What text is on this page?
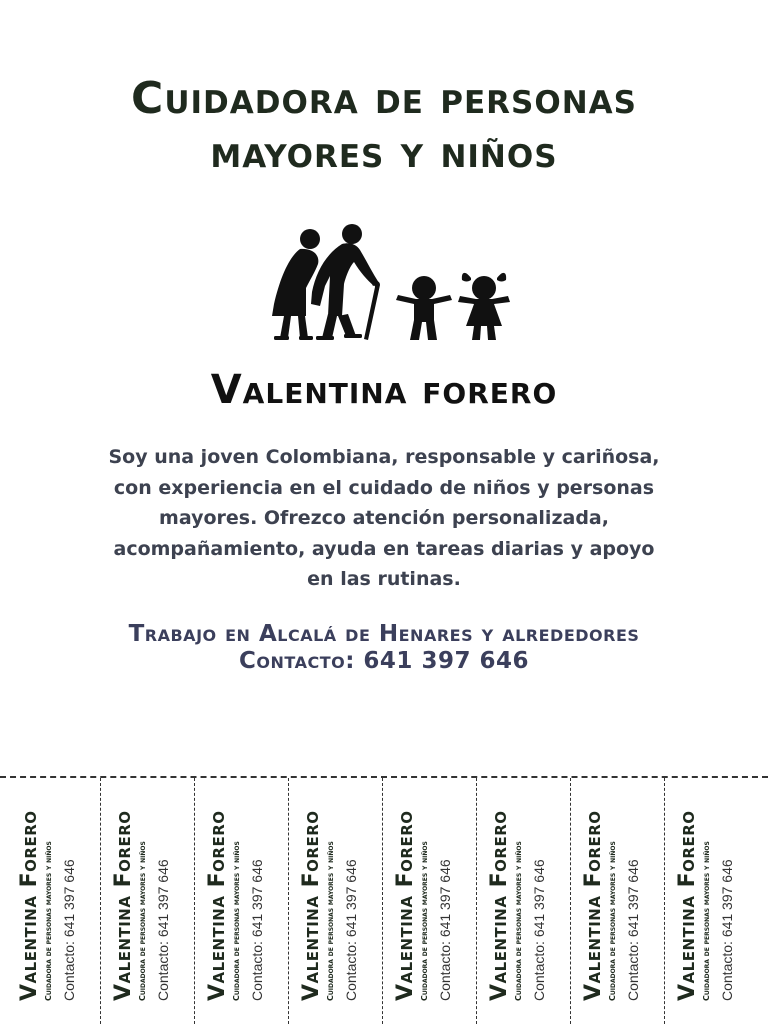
Cuidadora de personas
mayores y niños
Valentina forero

Soy una joven Colombiana, responsable y cariñosa, con experiencia en el cuidado de niños y personas mayores. Ofrezco atención personalizada, acompañamiento, ayuda en tareas diarias y apoyo en las rutinas.

Trabajo en Alcalá de Henares y alrededores

Contacto: 641 397 646

Valentina Forero Cuidadora de personas mayores y niños Contacto: 641 397 646 Valentina Forero Cuidadora de personas mayores y niños Contacto: 641 397 646 Valentina Forero Cuidadora de personas mayores y niños Contacto: 641 397 646 Valentina Forero Cuidadora de personas mayores y niños Contacto: 641 397 646 Valentina Forero Cuidadora de personas mayores y niños Contacto: 641 397 646 Valentina Forero Cuidadora de personas mayores y niños Contacto: 641 397 646 Valentina Forero Cuidadora de personas mayores y niños Contacto: 641 397 646 Valentina Forero Cuidadora de personas mayores y niños Contacto: 641 397 646
